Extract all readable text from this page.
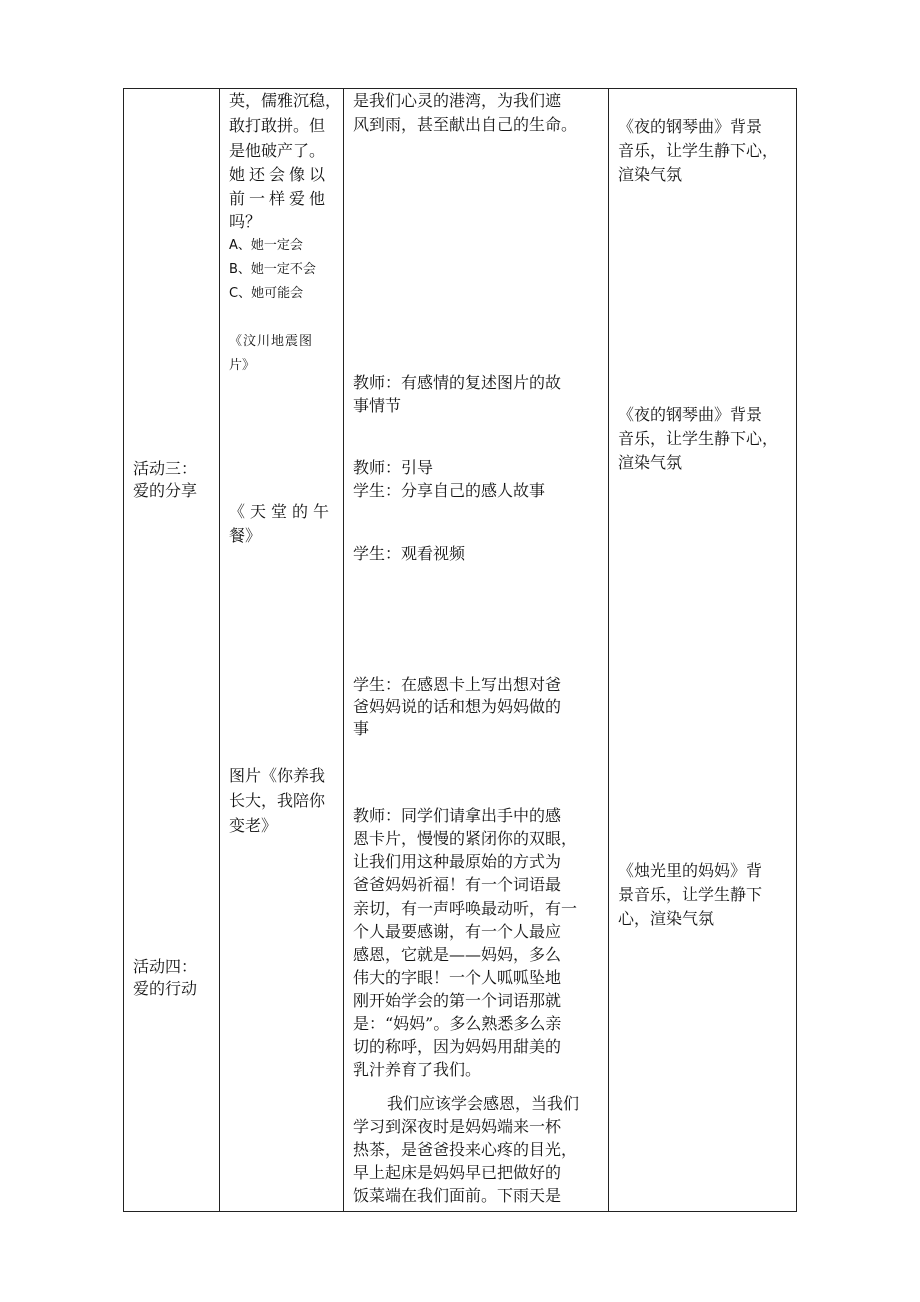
活动三：
爱的分享
活动四：
爱的行动
英，儒雅沉稳，
敢打敢拼。但
是他破产了。
她还会像以
前一样爱他
吗？
A、她一定会
B、她一定不会
C、她可能会
《汶川地震图
片》
《天堂的午
餐》
图片《你养我
长大，我陪你
变老》
是我们心灵的港湾，为我们遮
风到雨，甚至献出自己的生命。
教师：有感情的复述图片的故
事情节
教师：引导
学生：分享自己的感人故事
学生：观看视频
学生：在感恩卡上写出想对爸
爸妈妈说的话和想为妈妈做的
事
教师：同学们请拿出手中的感
恩卡片，慢慢的紧闭你的双眼，
让我们用这种最原始的方式为
爸爸妈妈祈福！有一个词语最
亲切，有一声呼唤最动听，有一
个人最要感谢，有一个人最应
感恩，它就是——妈妈，多么
伟大的字眼！一个人呱呱坠地
刚开始学会的第一个词语那就
是：“妈妈”。多么熟悉多么亲
切的称呼，因为妈妈用甜美的
乳汁养育了我们。
我们应该学会感恩，当我们
学习到深夜时是妈妈端来一杯
热茶，是爸爸投来心疼的目光，
早上起床是妈妈早已把做好的
饭菜端在我们面前。下雨天是
《夜的钢琴曲》背景
音乐，让学生静下心，
渲染气氛
《夜的钢琴曲》背景
音乐，让学生静下心，
渲染气氛
《烛光里的妈妈》背
景音乐，让学生静下
心，渲染气氛
